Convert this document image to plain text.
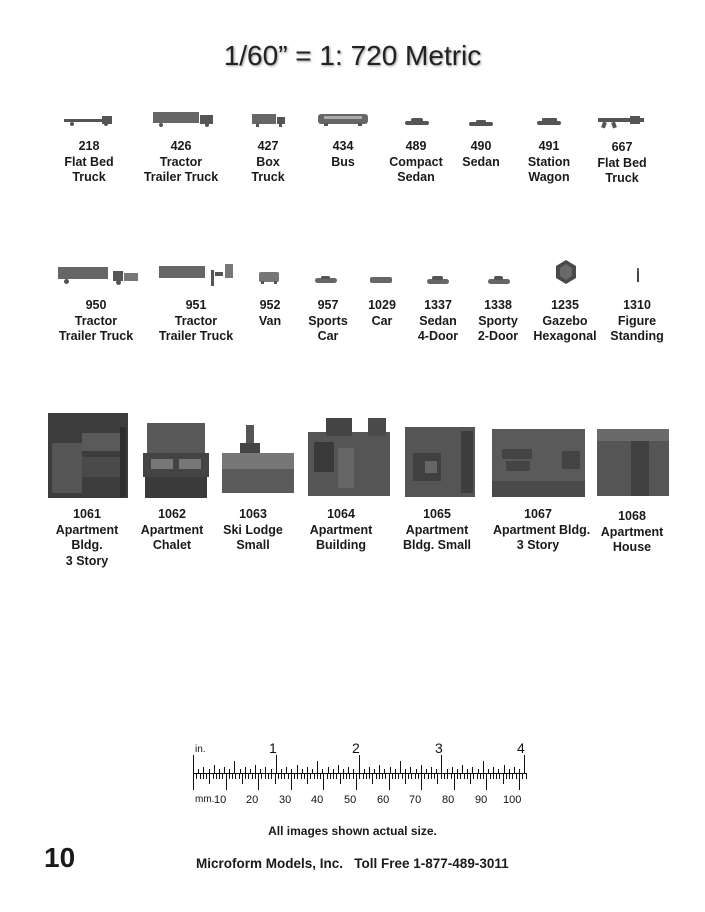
1/60” = 1: 720 Metric
218
Flat Bed
Truck
426
Tractor
Trailer Truck
427
Box
Truck
434
Bus
489
Compact
Sedan
490
Sedan
491
Station
Wagon
667
Flat Bed
Truck
950
Tractor
Trailer Truck
951
Tractor
Trailer Truck
952
Van
957
Sports
Car
1029
Car
1337
Sedan
4-Door
1338
Sporty
2-Door
1235
Gazebo
Hexagonal
1310
Figure
Standing
1061
Apartment
Bldg.
3 Story
1062
Apartment
Chalet
1063
Ski Lodge
Small
1064
Apartment
Building
1065
Apartment
Bldg. Small
1067
Apartment Bldg.
3 Story
1068
Apartment
House
in.
mm.
1	2	3	4
10 20 30 40 50 60 70 80 90 100
All images shown actual size.
10	Microform Models, Inc.   Toll Free 1-877-489-3011
